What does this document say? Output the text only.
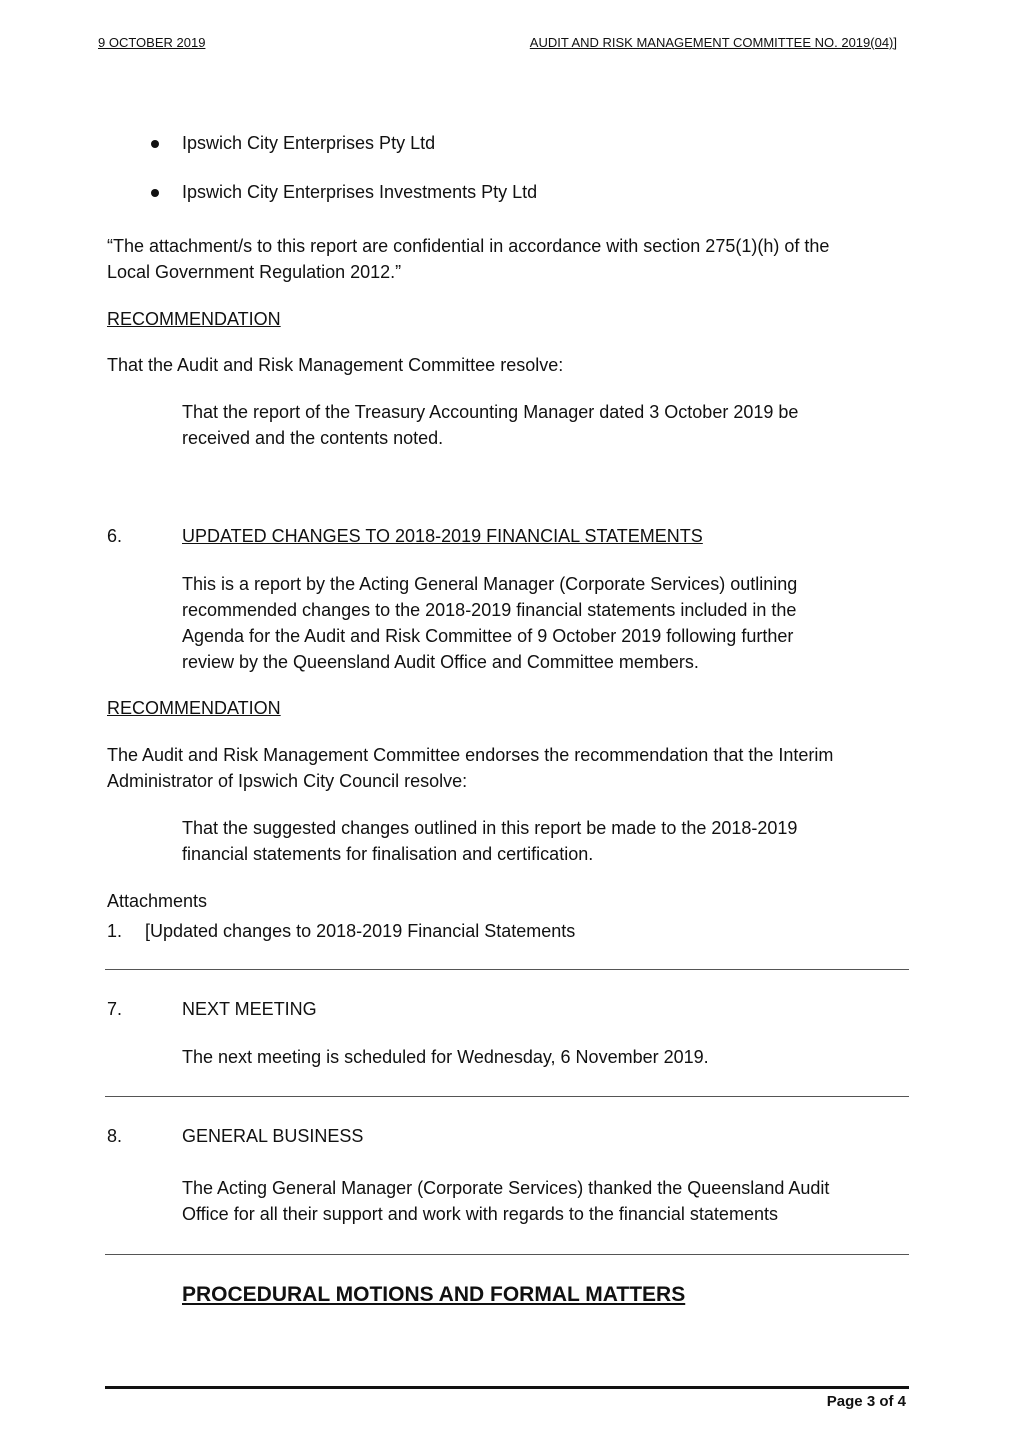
9 OCTOBER 2019	AUDIT AND RISK MANAGEMENT COMMITTEE NO. 2019(04)]
Ipswich City Enterprises Pty Ltd
Ipswich City Enterprises Investments Pty Ltd
“The attachment/s to this report are confidential in accordance with section 275(1)(h) of the
Local Government Regulation 2012.”
RECOMMENDATION
That the Audit and Risk Management Committee resolve:
That the report of the Treasury Accounting Manager dated 3 October 2019 be
received and the contents noted.
6.	UPDATED CHANGES TO 2018-2019 FINANCIAL STATEMENTS
This is a report by the Acting General Manager (Corporate Services) outlining
recommended changes to the 2018-2019 financial statements included in the
Agenda for the Audit and Risk Committee of 9 October 2019 following further
review by the Queensland Audit Office and Committee members.
RECOMMENDATION
The Audit and Risk Management Committee endorses the recommendation that the Interim
Administrator of Ipswich City Council resolve:
That the suggested changes outlined in this report be made to the 2018-2019
financial statements for finalisation and certification.
Attachments
1. [Updated changes to 2018-2019 Financial Statements
7.	NEXT MEETING
The next meeting is scheduled for Wednesday, 6 November 2019.
8.	GENERAL BUSINESS
The Acting General Manager (Corporate Services) thanked the Queensland Audit
Office for all their support and work with regards to the financial statements
PROCEDURAL MOTIONS AND FORMAL MATTERS
Page 3 of 4
